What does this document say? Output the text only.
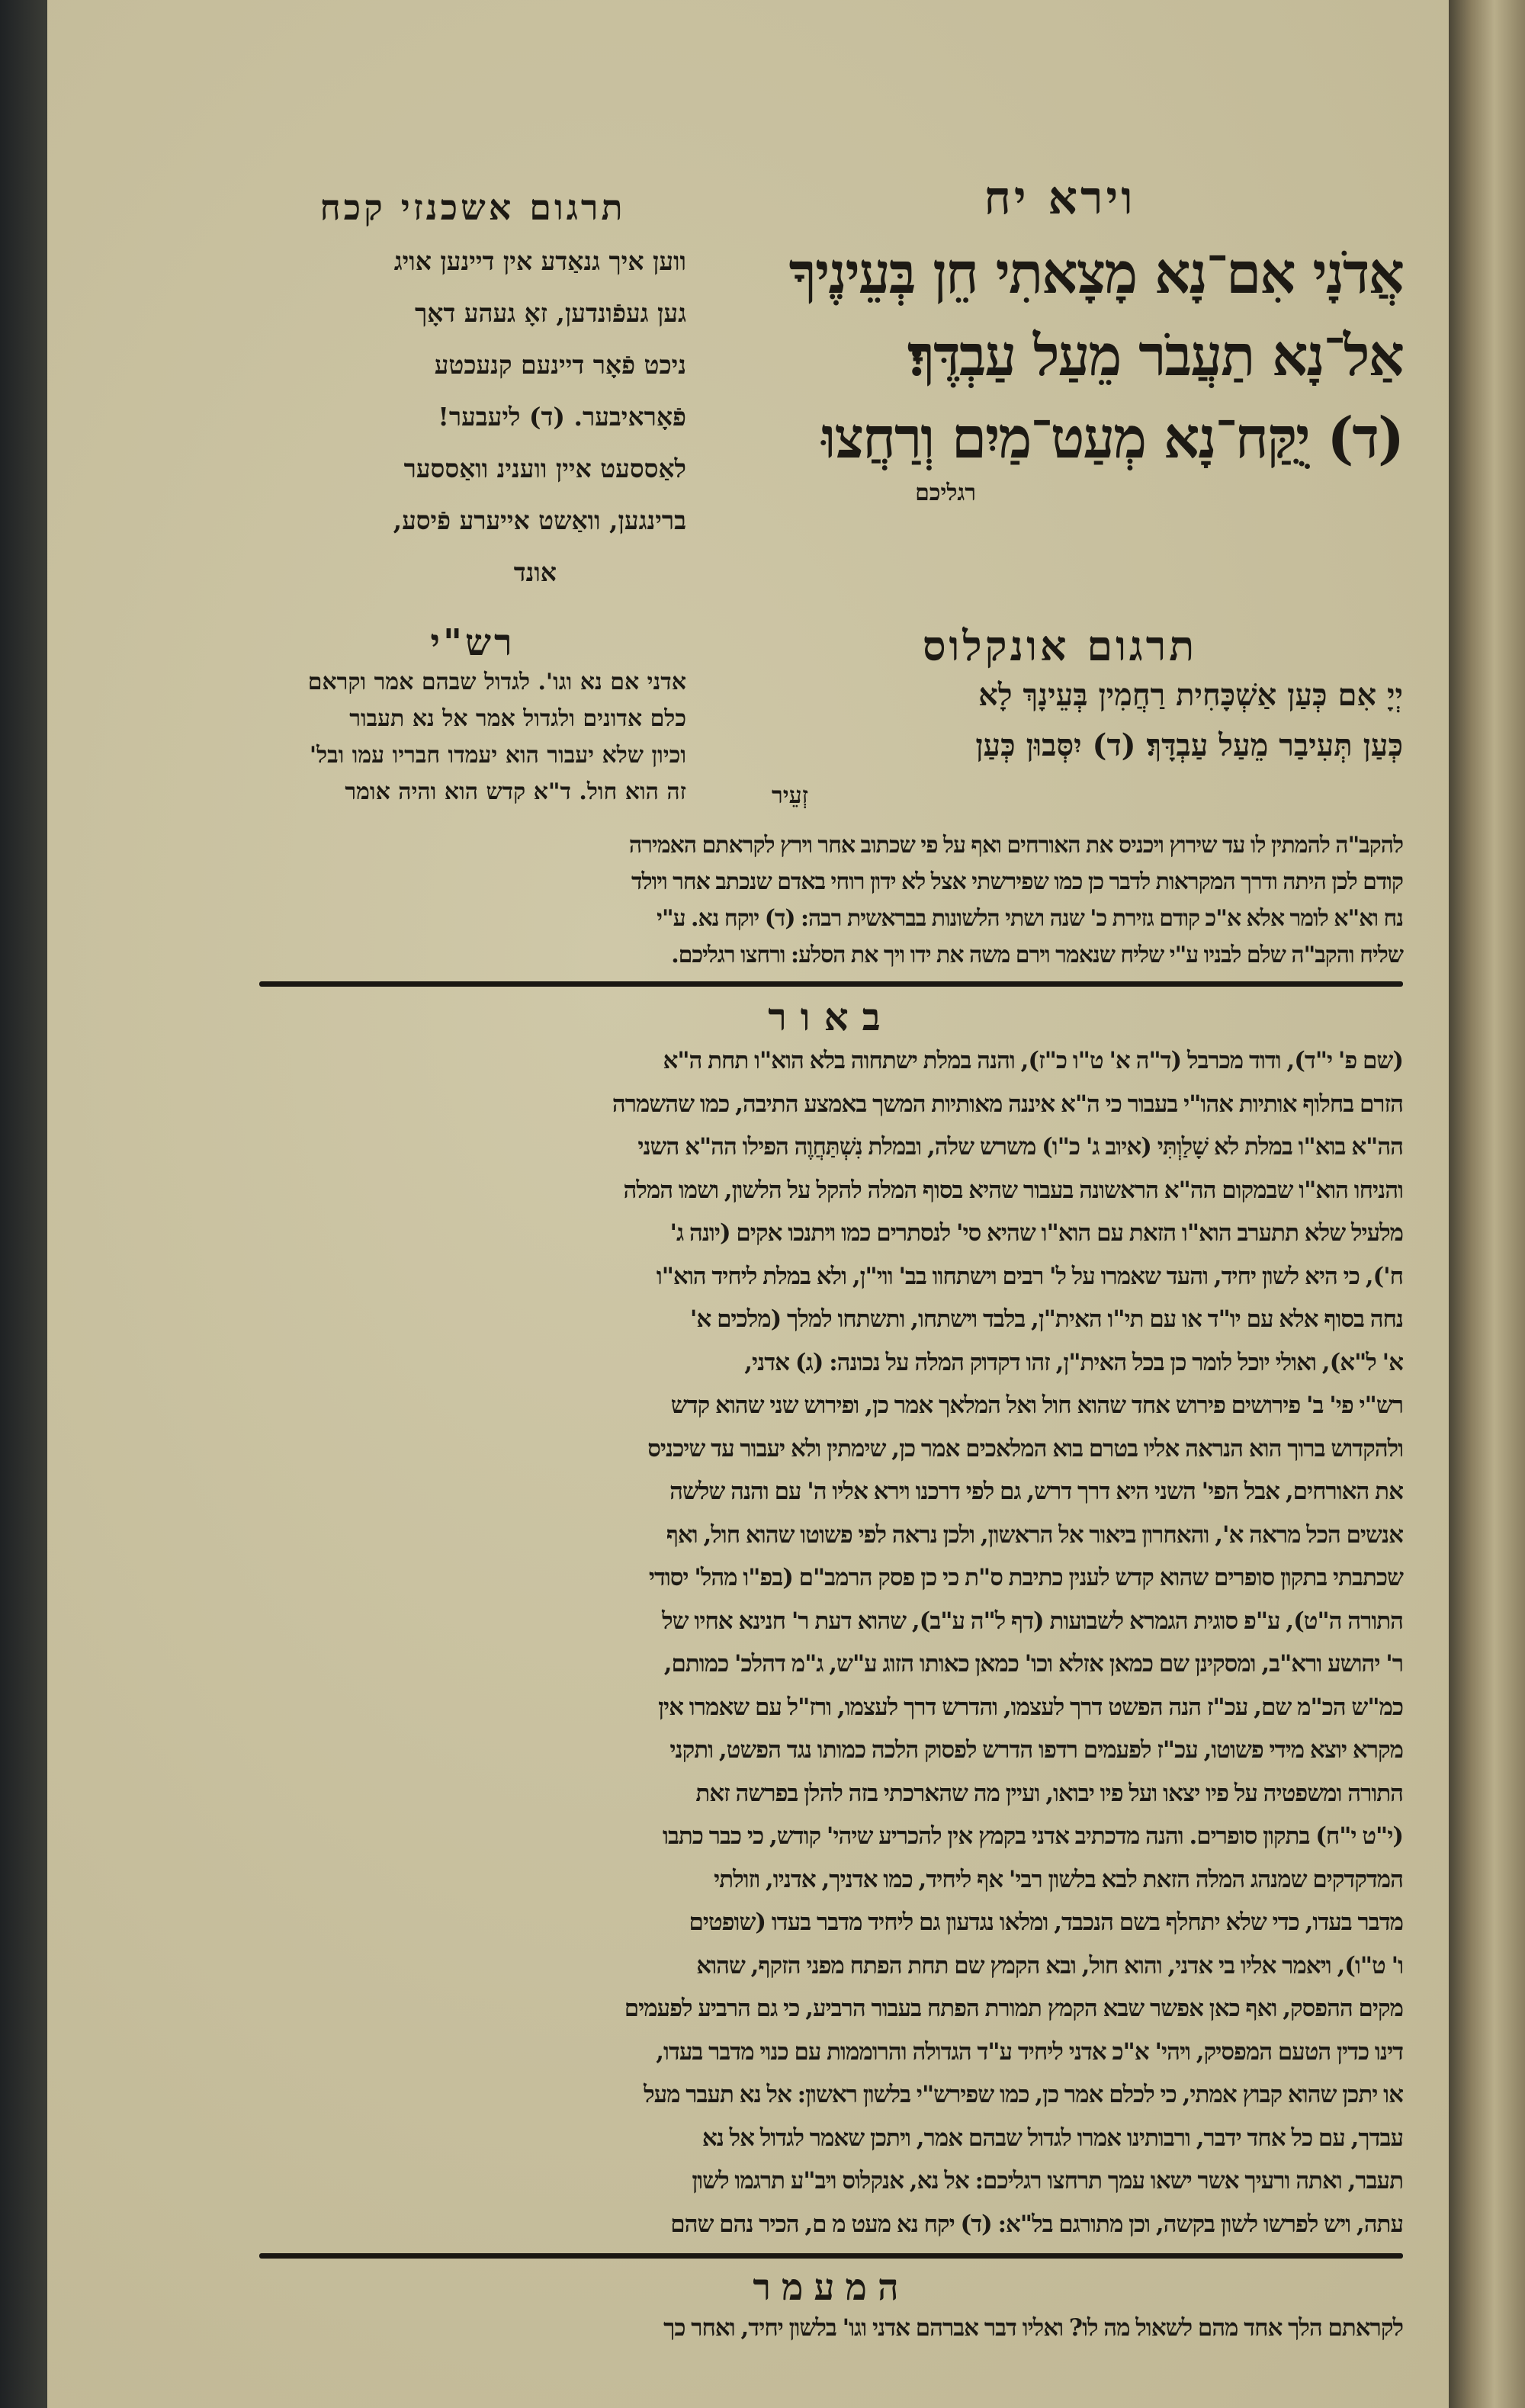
וירא יח
אֲדֹנָי אִם־נָא מָצָאתִי חֵן בְּעֵינֶיךָ
אַל־נָא תַעֲבֹר מֵעַל עַבְדֶּךָ׃
(ד) יֻקַּח־נָא מְעַט־מַיִם וְרַחֲצוּ
רגליכם
תרגום אשכנזי קכח
ווען איך גנאַדע אין דיינען אויג
גען געפֿונדען, זאָ געהע דאָך
ניכט פֿאָר דיינעם קנעכטע
פֿאָראיבער. (ד) ליעבער!
לאַססעט איין ווענינ וואַססער
ברינגען, וואַשט אייערע פֿיסע,
אונד
תרגום אונקלוס
יְיָ אִם כְּעַן אַשְׁכָּחִית רַחֲמִין בְּעֵינָךְ לָא
כְּעַן תְּעִיבַר מֵעַל עַבְדָּךְ׃ (ד) יִסְּבוּן כְּעַן
זְעֵיר
רש"י
אדני אם נא וגו'. לגדול שבהם אמר וקראם
כלם אדונים ולגדול אמר אל נא תעבור
וכיון שלא יעבור הוא יעמדו חבריו עמו ובל'
זה הוא חול. ד"א קדש הוא והיה אומר
להקב"ה להמתין לו עד שירוץ ויכניס את האורחים ואף על פי שכתוב אחר וירץ לקראתם האמירה
קודם לכן היתה ודרך המקראות לדבר כן כמו שפירשתי אצל לא ידון רוחי באדם שנכתב אחר ויולד
נח וא"א לומר אלא א"כ קודם גזירת כ' שנה ושתי הלשונות בבראשית רבה: (ד) יוקח נא. ע"י
שליח והקב"ה שלם לבניו ע"י שליח שנאמר וירם משה את ידו ויך את הסלע: ורחצו רגליכם.
באור
(שם פ' י"ד), ודוד מכרבל (ד"ה א' ט"ו כ"ז), והנה במלת ישתחוה בלא הוא"ו תחת ה"א
הזרם בחלוף אותיות אהו"י בעבור כי ה"א איננה מאותיות המשך באמצע התיבה, כמו שהשמרה
הה"א בוא"ו במלת לא שָׁלַוְתִּי (איוב ג' כ"ו) משרש שלה, ובמלת נִשְׁתַּחֲוֶה הפילו הה"א השני
והניחו הוא"ו שבמקום הה"א הראשונה בעבור שהיא בסוף המלה להקל על הלשון, ושמו המלה
מלעיל שלא תתערב הוא"ו הזאת עם הוא"ו שהיא סי' לנסתרים כמו ויתנכו אקים (יונה ג'
ח'), כי היא לשון יחיד, והעד שאמרו על ל' רבים וישתחוו בב' ווי"ן, ולא במלת ליחיד הוא"ו
נחה בסוף אלא עם יו"ד או עם תי"ו האית"ן, בלבד וישתחו, ותשתחו למלך (מלכים א'
א' ל"א), ואולי יוכל לומר כן בכל האית"ן, זהו דקדוק המלה על נכונה: (ג) אדני,
רש"י פי' ב' פירושים פירוש אחד שהוא חול ואל המלאך אמר כן, ופירוש שני שהוא קדש
ולהקדוש ברוך הוא הנראה אליו בטרם בוא המלאכים אמר כן, שימתין ולא יעבור עד שיכניס
את האורחים, אבל הפי' השני היא דרך דרש, גם לפי דרכנו וירא אליו ה' עם והנה שלשה
אנשים הכל מראה א', והאחרון ביאור אל הראשון, ולכן נראה לפי פשוטו שהוא חול, ואף
שכתבתי בתקון סופרים שהוא קדש לענין כתיבת ס"ת כי כן פסק הרמב"ם (בפ"ו מהל' יסודי
התורה ה"ט), ע"פ סוגית הגמרא לשבועות (דף ל"ה ע"ב), שהוא דעת ר' חנינא אחיו של
ר' יהושע ורא"ב, ומסקינן שם כמאן אזלא וכו' כמאן כאותו הזוג ע"ש, ג"מ דהלכ' כמותם,
כמ"ש הכ"מ שם, עכ"ז הנה הפשט דרך לעצמו, והדרש דרך לעצמו, ורז"ל עם שאמרו אין
מקרא יוצא מידי פשוטו, עכ"ז לפעמים רדפו הדרש לפסוק הלכה כמותו נגד הפשט, ותקני
התורה ומשפטיה על פיו יצאו ועל פיו יבואו, ועיין מה שהארכתי בזה להלן בפרשה זאת
(י"ט י"ח) בתקון סופרים. והנה מדכתיב אדני בקמץ אין להכריע שיהי' קודש, כי כבר כתבו
המדקדקים שמנהג המלה הזאת לבא בלשון רבי' אף ליחיד, כמו אדניך, אדניו, וזולתי
מדבר בעדו, כדי שלא יתחלף בשם הנכבד, ומלאו נגדעון גם ליחיד מדבר בעדו (שופטים
ו' ט"ו), ויאמר אליו בי אדני, והוא חול, ובא הקמץ שם תחת הפתח מפני הזקף, שהוא
מקים ההפסק, ואף כאן אפשר שבא הקמץ תמורת הפתח בעבור הרביע, כי גם הרביע לפעמים
דינו כדין הטעם המפסיק, ויהי' א"כ אדני ליחיד ע"ד הגדולה והרוממות עם כנוי מדבר בעדו,
או יתכן שהוא קבוץ אמתי, כי לכלם אמר כן, כמו שפירש"י בלשון ראשון: אל נא תעבר מעל
עבדך, עם כל אחד ידבר, ורבותינו אמרו לגדול שבהם אמר, ויתכן שאמר לגדול אל נא
תעבר, ואתה ורעיך אשר ישאו עמך תרחצו רגליכם: אל נא, אנקלוס ויב"ע תרגמו לשון
עתה, ויש לפרשו לשון בקשה, וכן מתורגם בל"א: (ד) יקח נא מעט מ ם, הכיר נהם שהם
המעמר
לקראתם הלך אחד מהם לשאול מה לו? ואליו דבר אברהם אדני וגו' בלשון יחיד, ואחר כך
